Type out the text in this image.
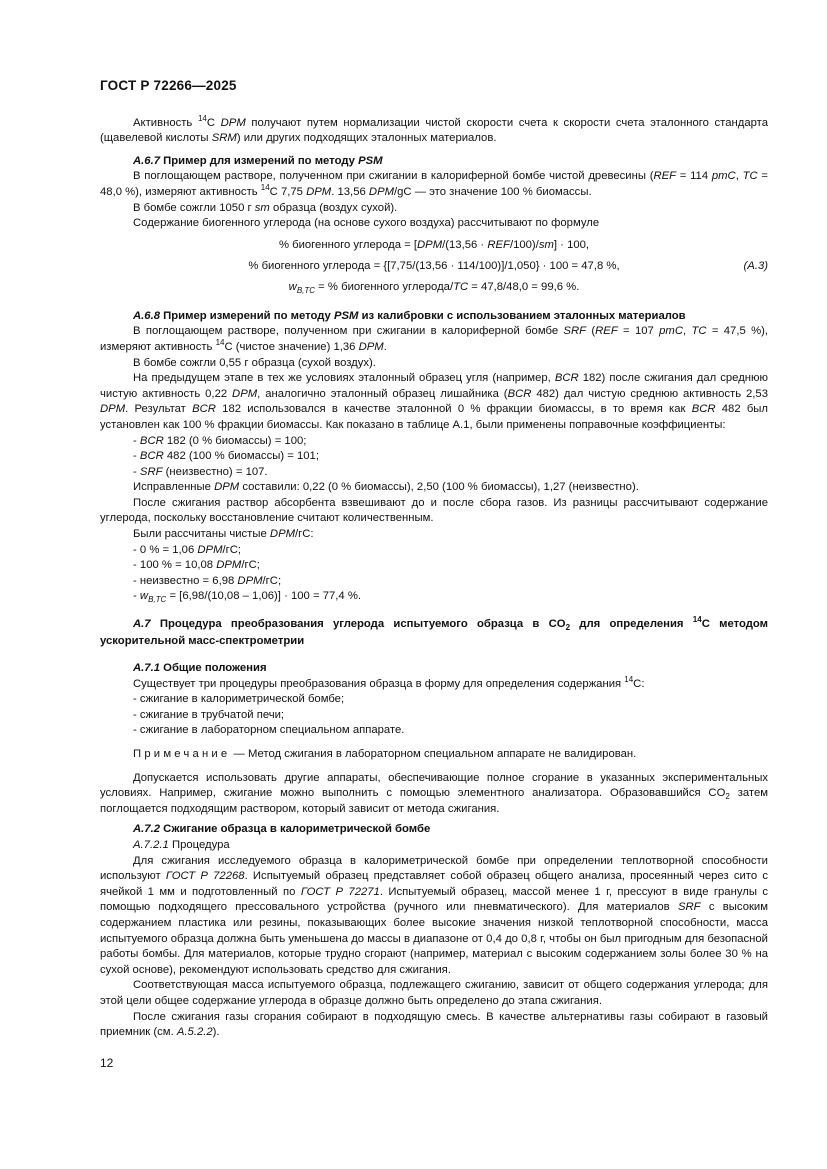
ГОСТ Р 72266—2025

Активность $^{14}$C DPM получают путем нормализации чистой скорости счета к скорости счета эталонного стандарта (щавелевой кислоты SRM) или других подходящих эталонных материалов.

А.6.7 Пример для измерений по методу PSM

В поглощающем растворе, полученном при сжигании в калориферной бомбе чистой древесины (REF = 114 pmC, TC = 48,0 %), измеряют активность $^{14}$C 7,75 DPM. 13,56 DPM/gC — это значение 100 % биомассы.

В бомбе сожгли 1050 г sm образца (воздух сухой).

Содержание биогенного углерода (на основе сухого воздуха) рассчитывают по формуле

% биогенного углерода = [DPM/(13,56 · REF/100)/sm] · 100,
% биогенного углерода = {[7,75/(13,56 · 114/100)]/1,050} · 100 = 47,8 %,	(A.3)
$w_{B,TC}$ = % биогенного углерода/TC = 47,8/48,0 = 99,6 %.

А.6.8 Пример измерений по методу PSM из калибровки с использованием эталонных материалов

В поглощающем растворе, полученном при сжигании в калориферной бомбе SRF (REF = 107 pmC, TC = 47,5 %), измеряют активность $^{14}$C (чистое значение) 1,36 DPM.

В бомбе сожгли 0,55 г образца (сухой воздух).

На предыдущем этапе в тех же условиях эталонный образец угля (например, BCR 182) после сжигания дал среднюю чистую активность 0,22 DPM, аналогично эталонный образец лишайника (BCR 482) дал чистую среднюю активность 2,53 DPM. Результат BCR 182 использовался в качестве эталонной 0 % фракции биомассы, в то время как BCR 482 был установлен как 100 % фракции биомассы. Как показано в таблице А.1, были применены поправочные коэффициенты:

- BCR 182 (0 % биомассы) = 100;

- BCR 482 (100 % биомассы) = 101;

- SRF (неизвестно) = 107.

Исправленные DPM составили: 0,22 (0 % биомассы), 2,50 (100 % биомассы), 1,27 (неизвестно).

После сжигания раствор абсорбента взвешивают до и после сбора газов. Из разницы рассчитывают содержание углерода, поскольку восстановление считают количественным.

Были рассчитаны чистые DPM/гС:

- 0 % = 1,06 DPM/гС;

- 100 % = 10,08 DPM/гС;

- неизвестно = 6,98 DPM/гС;

- $w_{B,TC} = [6,98/(10,08 - 1,06)] \cdot 100 = 77,4$ %.

А.7 Процедура преобразования углерода испытуемого образца в $CO_2$ для определения $^{14}$C методом ускорительной масс-спектрометрии

А.7.1 Общие положения

Существует три процедуры преобразования образца в форму для определения содержания $^{14}$C:

- сжигание в калориметрической бомбе;

- сжигание в трубчатой печи;

- сжигание в лабораторном специальном аппарате.

Примечание — Метод сжигания в лабораторном специальном аппарате не валидирован.

Допускается использовать другие аппараты, обеспечивающие полное сгорание в указанных экспериментальных условиях. Например, сжигание можно выполнить с помощью элементного анализатора. Образовавшийся $CO_2$ затем поглощается подходящим раствором, который зависит от метода сжигания.

А.7.2 Сжигание образца в калориметрической бомбе

А.7.2.1 Процедура

Для сжигания исследуемого образца в калориметрической бомбе при определении теплотворной способности используют ГОСТ Р 72268. Испытуемый образец представляет собой образец общего анализа, просеянный через сито с ячейкой 1 мм и подготовленный по ГОСТ Р 72271. Испытуемый образец, массой менее 1 г, прессуют в виде гранулы с помощью подходящего прессовального устройства (ручного или пневматического). Для материалов SRF с высоким содержанием пластика или резины, показывающих более высокие значения низкой теплотворной способности, масса испытуемого образца должна быть уменьшена до массы в диапазоне от 0,4 до 0,8 г, чтобы он был пригодным для безопасной работы бомбы. Для материалов, которые трудно сгорают (например, материал с высоким содержанием золы более 30 % на сухой основе), рекомендуют использовать средство для сжигания.

Соответствующая масса испытуемого образца, подлежащего сжиганию, зависит от общего содержания углерода; для этой цели общее содержание углерода в образце должно быть определено до этапа сжигания.

После сжигания газы сгорания собирают в подходящую смесь. В качестве альтернативы газы собирают в газовый приемник (см. А.5.2.2).

12
